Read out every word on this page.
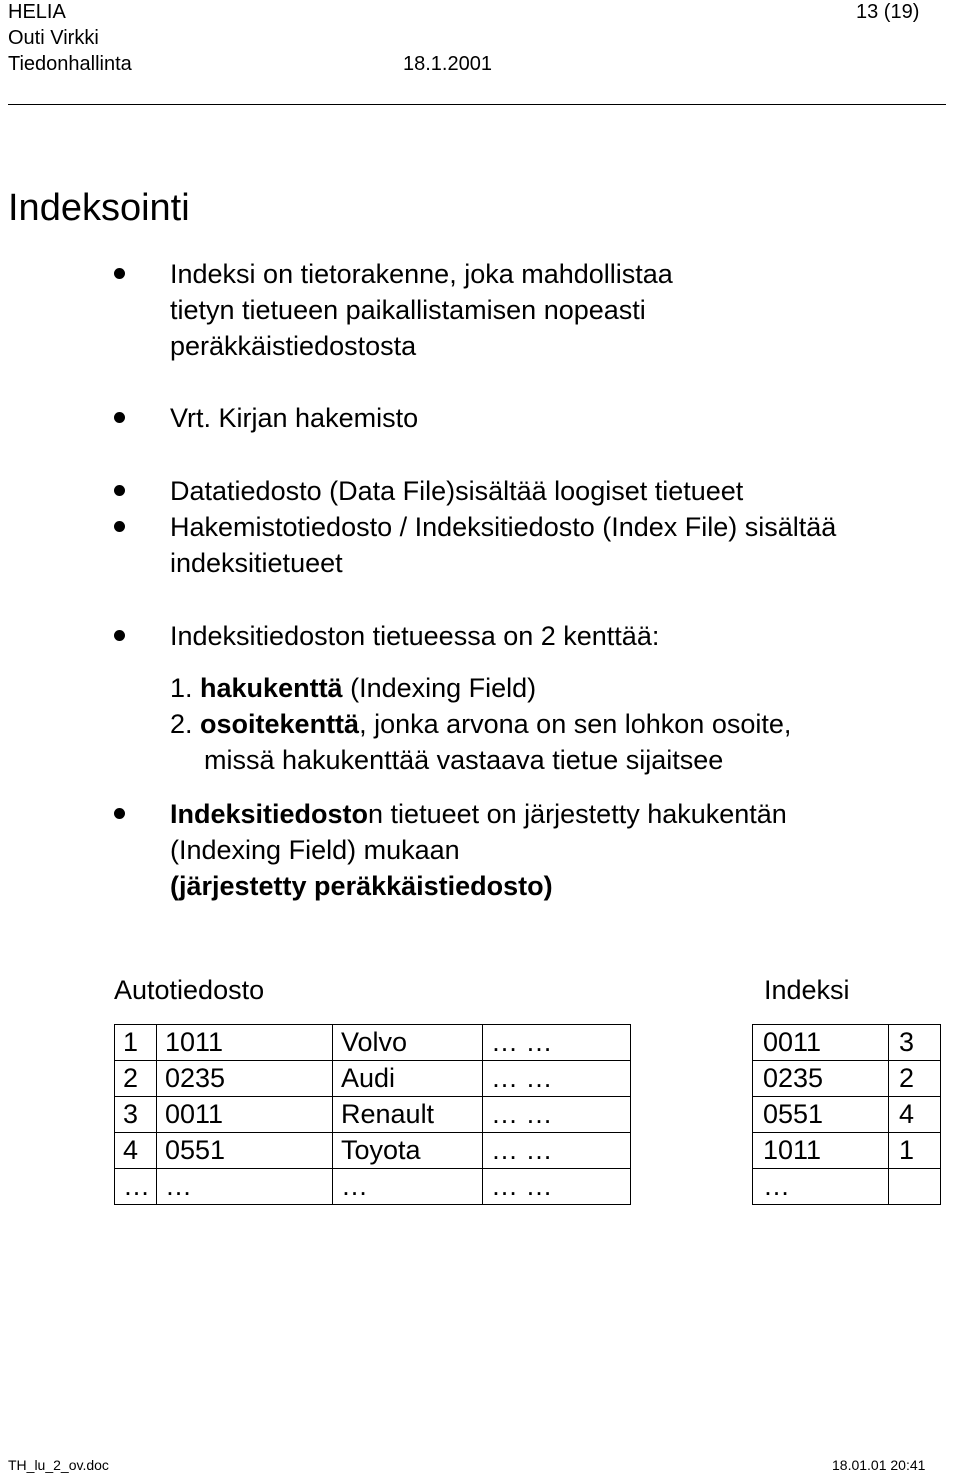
HELIA
Outi Virkki
Tiedonhallinta	18.1.2001
13 (19)
Indeksointi
Indeksi on tietorakenne, joka mahdollistaa
tietyn tietueen paikallistamisen nopeasti
peräkkäistiedostosta
Vrt. Kirjan hakemisto
Datatiedosto (Data File)sisältää loogiset tietueet
Hakemistotiedosto / Indeksitiedosto (Index File) sisältää
indeksitietueet
Indeksitiedoston tietueessa on 2 kenttää:
1. hakukenttä (Indexing Field)
2. osoitekenttä, jonka arvona on sen lohkon osoite,
missä hakukenttää vastaava tietue sijaitsee
Indeksitiedoston tietueet on järjestetty hakukentän
(Indexing Field) mukaan
(järjestetty peräkkäistiedosto)
Autotiedosto	Indeksi
1	1011	Volvo	… …
2	0235	Audi	… …
3	0011	Renault	… …
4	0551	Toyota	… …
…	…	…	… …
0011	3
0235	2
0551	4
1011	1
…	
TH_lu_2_ov.doc	18.01.01 20:41
